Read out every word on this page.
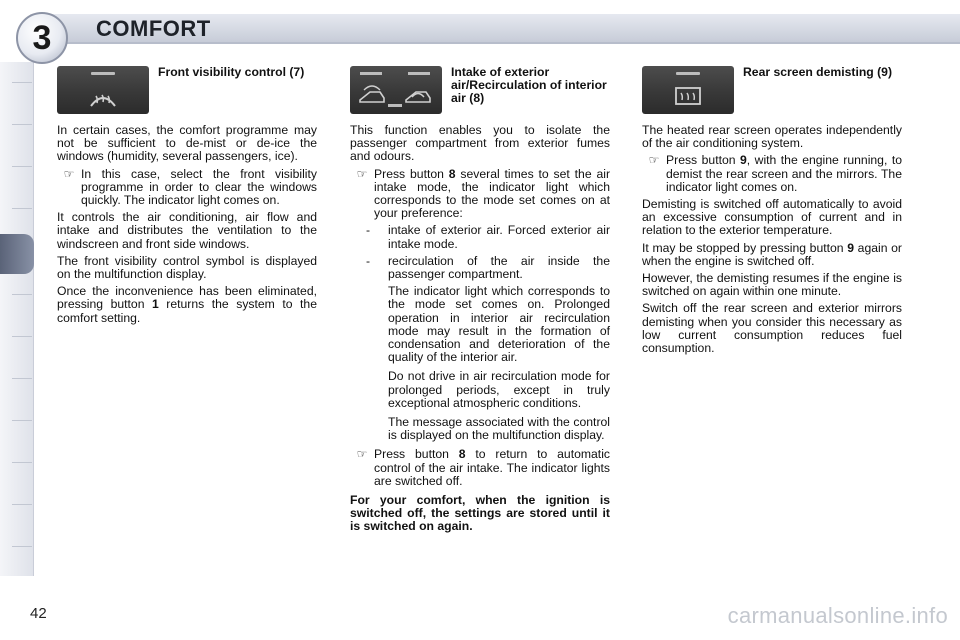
3 COMFORT
Front visibility control (7)

In certain cases, the comfort programme may not be sufficient to de-mist or de-ice the windows (humidity, several passengers, ice).

☞ In this case, select the front visibility programme in order to clear the windows quickly. The indicator light comes on.

It controls the air conditioning, air flow and intake and distributes the ventilation to the windscreen and front side windows.

The front visibility control symbol is displayed on the multifunction display.

Once the inconvenience has been eliminated, pressing button 1 returns the system to the comfort setting.

Intake of exterior air/Recirculation of interior air (8)

This function enables you to isolate the passenger compartment from exterior fumes and odours.

☞ Press button 8 several times to set the air intake mode, the indicator light which corresponds to the mode set comes on at your preference:
-	intake of exterior air. Forced exterior air intake mode.
-	recirculation of the air inside the passenger compartment.
The indicator light which corresponds to the mode set comes on. Prolonged operation in interior air recirculation mode may result in the formation of condensation and deterioration of the quality of the interior air.
Do not drive in air recirculation mode for prolonged periods, except in truly exceptional atmospheric conditions.
The message associated with the control is displayed on the multifunction display.
☞ Press button 8 to return to automatic control of the air intake. The indicator lights are switched off.

For your comfort, when the ignition is switched off, the settings are stored until it is switched on again.

Rear screen demisting (9)

The heated rear screen operates independently of the air conditioning system.

☞ Press button 9, with the engine running, to demist the rear screen and the mirrors. The indicator light comes on.

Demisting is switched off automatically to avoid an excessive consumption of current and in relation to the exterior temperature.

It may be stopped by pressing button 9 again or when the engine is switched off.

However, the demisting resumes if the engine is switched on again within one minute.

Switch off the rear screen and exterior mirrors demisting when you consider this necessary as low current consumption reduces fuel consumption.

42	carmanualsonline.info
